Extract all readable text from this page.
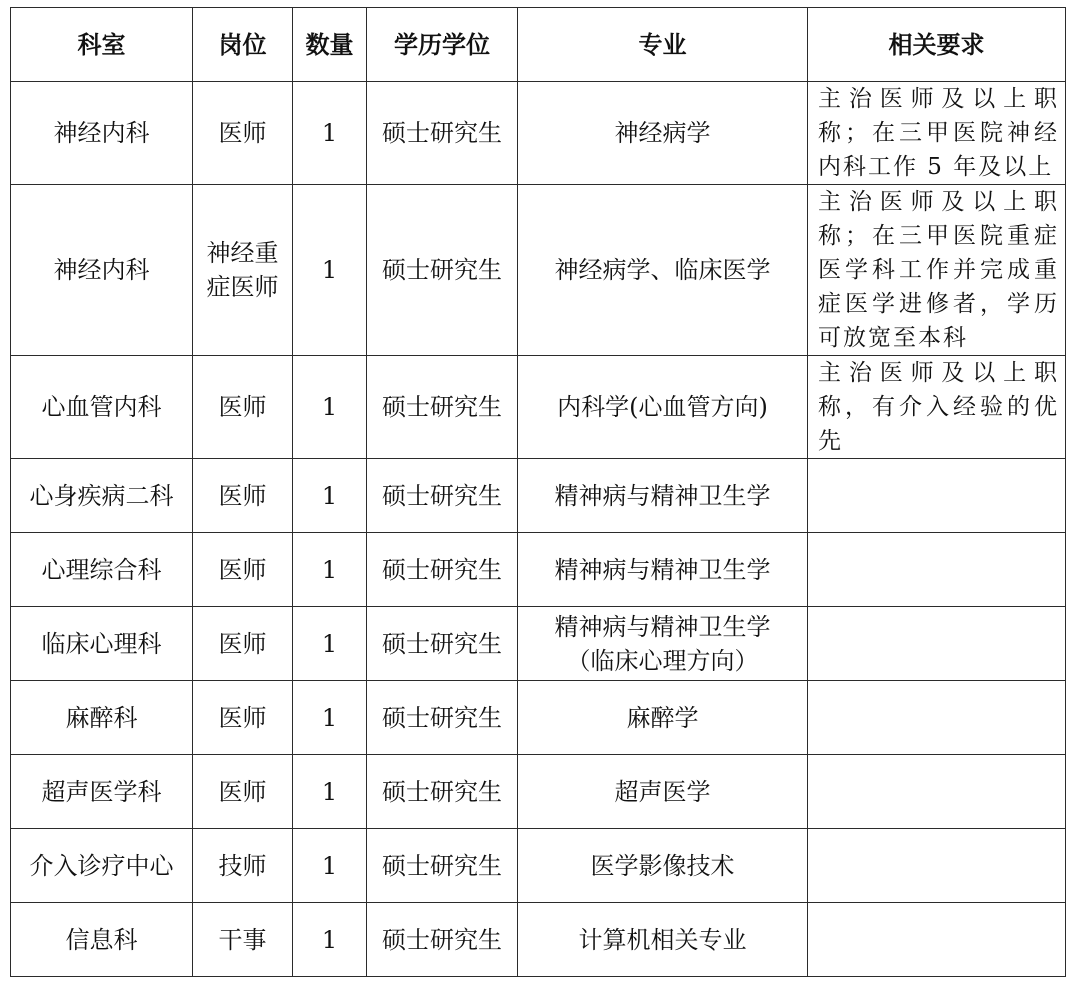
科室	岗位	数量	学历学位	专业	相关要求
神经内科	医师	1	硕士研究生	神经病学	主治医师及以上职称；在三甲医院神经内科工作 5 年及以上
神经内科	神经重症医师	1	硕士研究生	神经病学、临床医学	主治医师及以上职称；在三甲医院重症医学科工作并完成重症医学进修者，学历可放宽至本科
心血管内科	医师	1	硕士研究生	内科学(心血管方向)	主治医师及以上职称，有介入经验的优先
心身疾病二科	医师	1	硕士研究生	精神病与精神卫生学	
心理综合科	医师	1	硕士研究生	精神病与精神卫生学	
临床心理科	医师	1	硕士研究生	精神病与精神卫生学（临床心理方向）	
麻醉科	医师	1	硕士研究生	麻醉学	
超声医学科	医师	1	硕士研究生	超声医学	
介入诊疗中心	技师	1	硕士研究生	医学影像技术	
信息科	干事	1	硕士研究生	计算机相关专业	
